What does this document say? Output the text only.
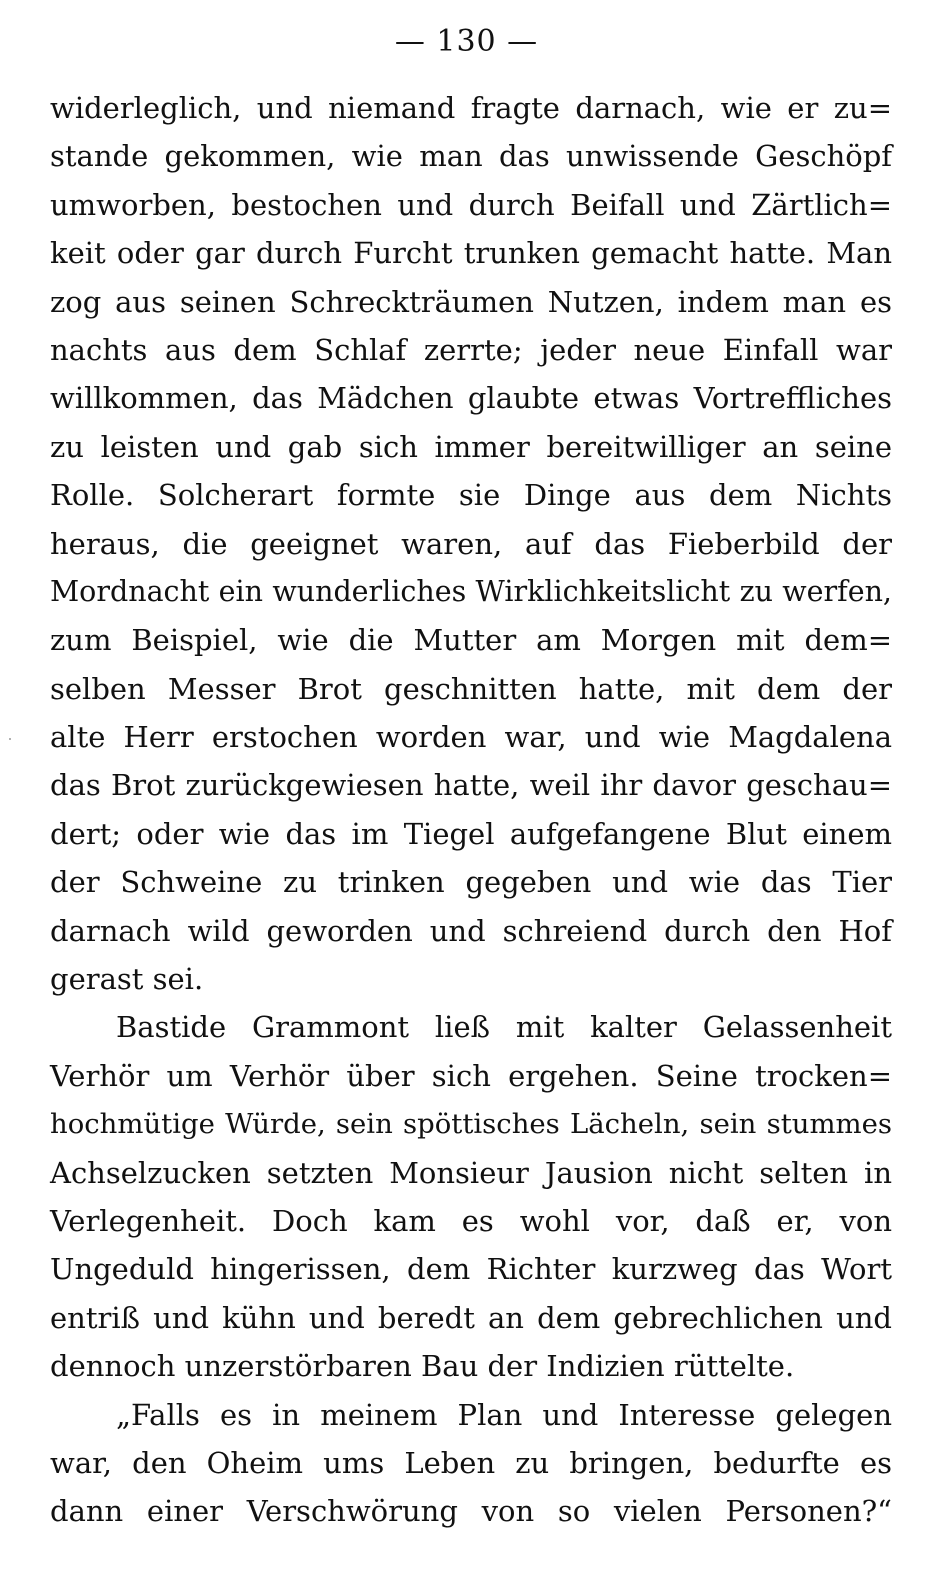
— 130 —
widerleglich, und niemand fragte darnach, wie er zu=
stande gekommen, wie man das unwissende Geschöpf
umworben, bestochen und durch Beifall und Zärtlich=
keit oder gar durch Furcht trunken gemacht hatte. Man
zog aus seinen Schreckträumen Nutzen, indem man es
nachts aus dem Schlaf zerrte; jeder neue Einfall war
willkommen, das Mädchen glaubte etwas Vortreffliches
zu leisten und gab sich immer bereitwilliger an seine
Rolle. Solcherart formte sie Dinge aus dem Nichts
heraus, die geeignet waren, auf das Fieberbild der
Mordnacht ein wunderliches Wirklichkeitslicht zu werfen,
zum Beispiel, wie die Mutter am Morgen mit dem=
selben Messer Brot geschnitten hatte, mit dem der
alte Herr erstochen worden war, und wie Magdalena
das Brot zurückgewiesen hatte, weil ihr davor geschau=
dert; oder wie das im Tiegel aufgefangene Blut einem
der Schweine zu trinken gegeben und wie das Tier
darnach wild geworden und schreiend durch den Hof
gerast sei.
Bastide Grammont ließ mit kalter Gelassenheit
Verhör um Verhör über sich ergehen. Seine trocken=
hochmütige Würde, sein spöttisches Lächeln, sein stummes
Achselzucken setzten Monsieur Jausion nicht selten in
Verlegenheit. Doch kam es wohl vor, daß er, von
Ungeduld hingerissen, dem Richter kurzweg das Wort
entriß und kühn und beredt an dem gebrechlichen und
dennoch unzerstörbaren Bau der Indizien rüttelte.
„Falls es in meinem Plan und Interesse gelegen
war, den Oheim ums Leben zu bringen, bedurfte es
dann einer Verschwörung von so vielen Personen?“
